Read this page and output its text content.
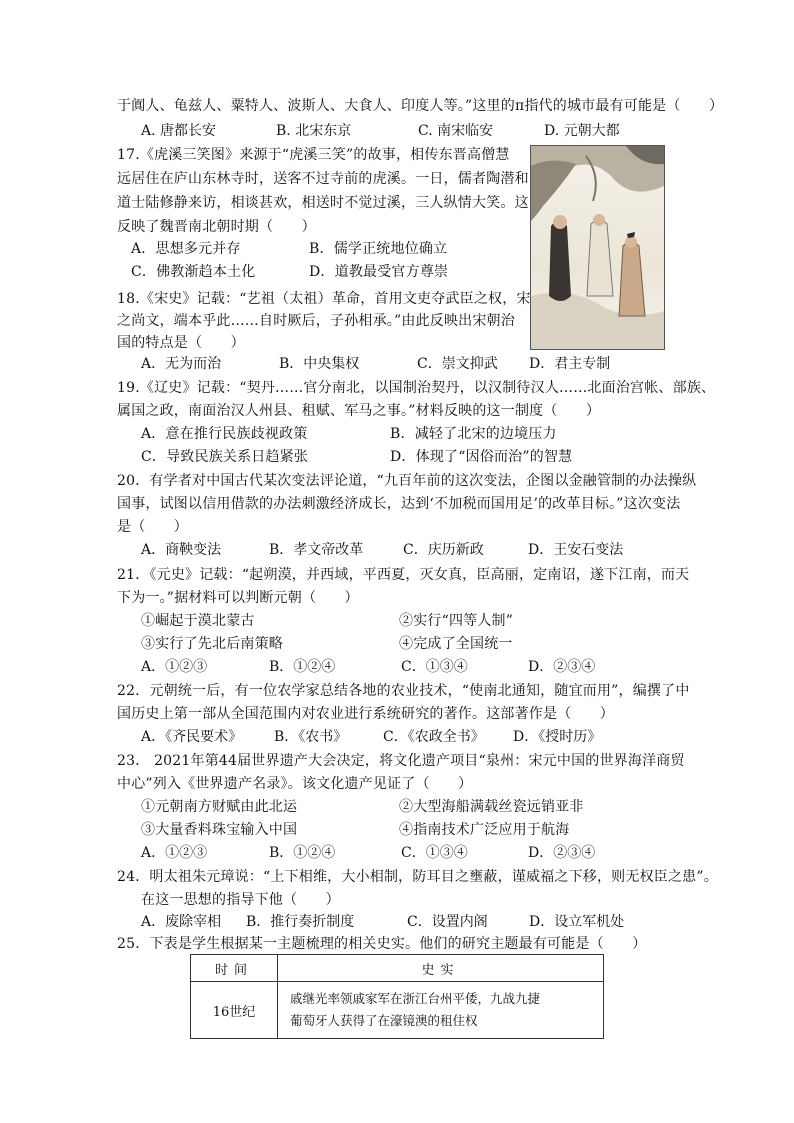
于阗人、龟兹人、粟特人、波斯人、大食人、印度人等。”这里的π指代的城市最有可能是（　　）
A. 唐都长安	B. 北宋东京	C. 南宋临安	D. 元朝大都
17.《虎溪三笑图》来源于“虎溪三笑”的故事，相传东晋高僧慧
远居住在庐山东林寺时，送客不过寺前的虎溪。一日，儒者陶潜和
道士陆修静来访，相谈甚欢，相送时不觉过溪，三人纵情大笑。这
反映了魏晋南北朝时期（　　）
A．思想多元并存	B．儒学正统地位确立
C．佛教渐趋本土化	D．道教最受官方尊崇
18.《宋史》记载：“艺祖（太祖）革命，首用文吏夺武臣之权，宋
之尚文，端本乎此……自时厥后，子孙相承。”由此反映出宋朝治
国的特点是（　　）
A．无为而治	B．中央集权	C．崇文抑武 D．君主专制
19.《辽史》记载：“契丹……官分南北，以国制治契丹，以汉制待汉人……北面治宫帐、部族、
属国之政，南面治汉人州县、租赋、军马之事。”材料反映的这一制度（　　）
A．意在推行民族歧视政策	B．减轻了北宋的边境压力
C．导致民族关系日趋紧张	D．体现了“因俗而治”的智慧
20．有学者对中国古代某次变法评论道，“九百年前的这次变法，企图以金融管制的办法操纵
国事，试图以信用借款的办法刺激经济成长，达到‘不加税而国用足’的改革目标。”这次变法
是（　　）
A．商鞅变法	B．孝文帝改革	C．庆历新政	D．王安石变法
21．《元史》记载：“起朔漠，并西域，平西夏，灭女真，臣高丽，定南诏，遂下江南，而天
下为一。”据材料可以判断元朝（　　）
①崛起于漠北蒙古	②实行“四等人制”
③实行了先北后南策略	④完成了全国统一
A．①②③	B．①②④	C．①③④	D．②③④
22．元朝统一后，有一位农学家总结各地的农业技术，“使南北通知，随宜而用”，编撰了中
国历史上第一部从全国范围内对农业进行系统研究的著作。这部著作是（　　）
A．《齐民要术》 B．《农书》	C．《农政全书》 D．《授时历》
23． 2021年第44届世界遗产大会决定，将文化遗产项目“泉州：宋元中国的世界海洋商贸
中心”列入《世界遗产名录》。该文化遗产见证了（　　）
①元朝南方财赋由此北运	②大型海船满载丝瓷远销亚非
③大量香料珠宝输入中国	④指南技术广泛应用于航海
A．①②③	B．①②④	C．①③④	D．②③④
24．明太祖朱元璋说：“上下相维，大小相制，防耳目之壅蔽，谨威福之下移，则无权臣之患”。
在这一思想的指导下他（　　）
A．废除宰相 B．推行奏折制度	C．设置内阁	D．设立军机处
25．下表是学生根据某一主题梳理的相关史实。他们的研究主题最有可能是（　　）
时间	史实
16世纪	戚继光率领戚家军在浙江台州平倭，九战九捷
葡萄牙人获得了在濠镜澳的租住权
